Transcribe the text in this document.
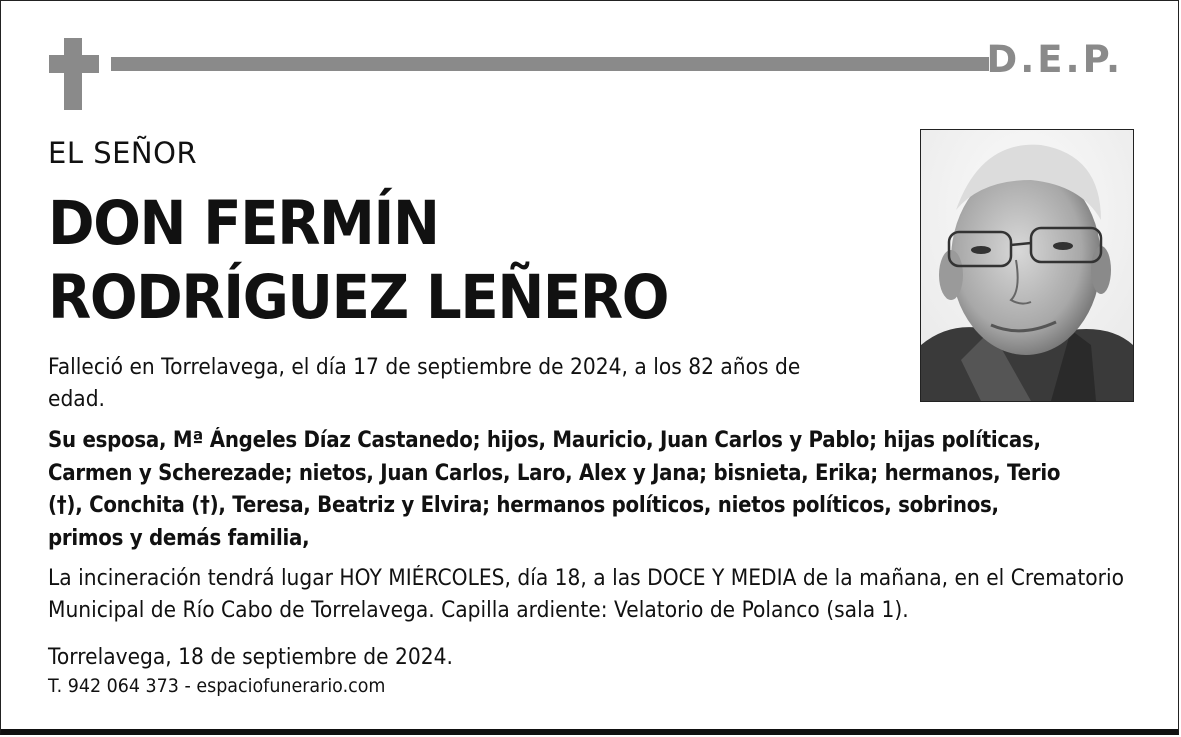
D.E.P.
EL SEÑOR
DON FERMÍN
RODRÍGUEZ LEÑERO
Falleció en Torrelavega, el día 17 de septiembre de 2024, a los 82 años de edad.
Su esposa, Mª Ángeles Díaz Castanedo; hijos, Mauricio, Juan Carlos y Pablo; hijas políticas, Carmen y Scherezade; nietos, Juan Carlos, Laro, Alex y Jana; bisnieta, Erika; hermanos, Terio (†), Conchita (†), Teresa, Beatriz y Elvira; hermanos políticos, nietos políticos, sobrinos, primos y demás familia,
La incineración tendrá lugar HOY MIÉRCOLES, día 18, a las DOCE Y MEDIA de la mañana, en el Crematorio Municipal de Río Cabo de Torrelavega. Capilla ardiente: Velatorio de Polanco (sala 1).
Torrelavega, 18 de septiembre de 2024.
T. 942 064 373 - espaciofunerario.com
